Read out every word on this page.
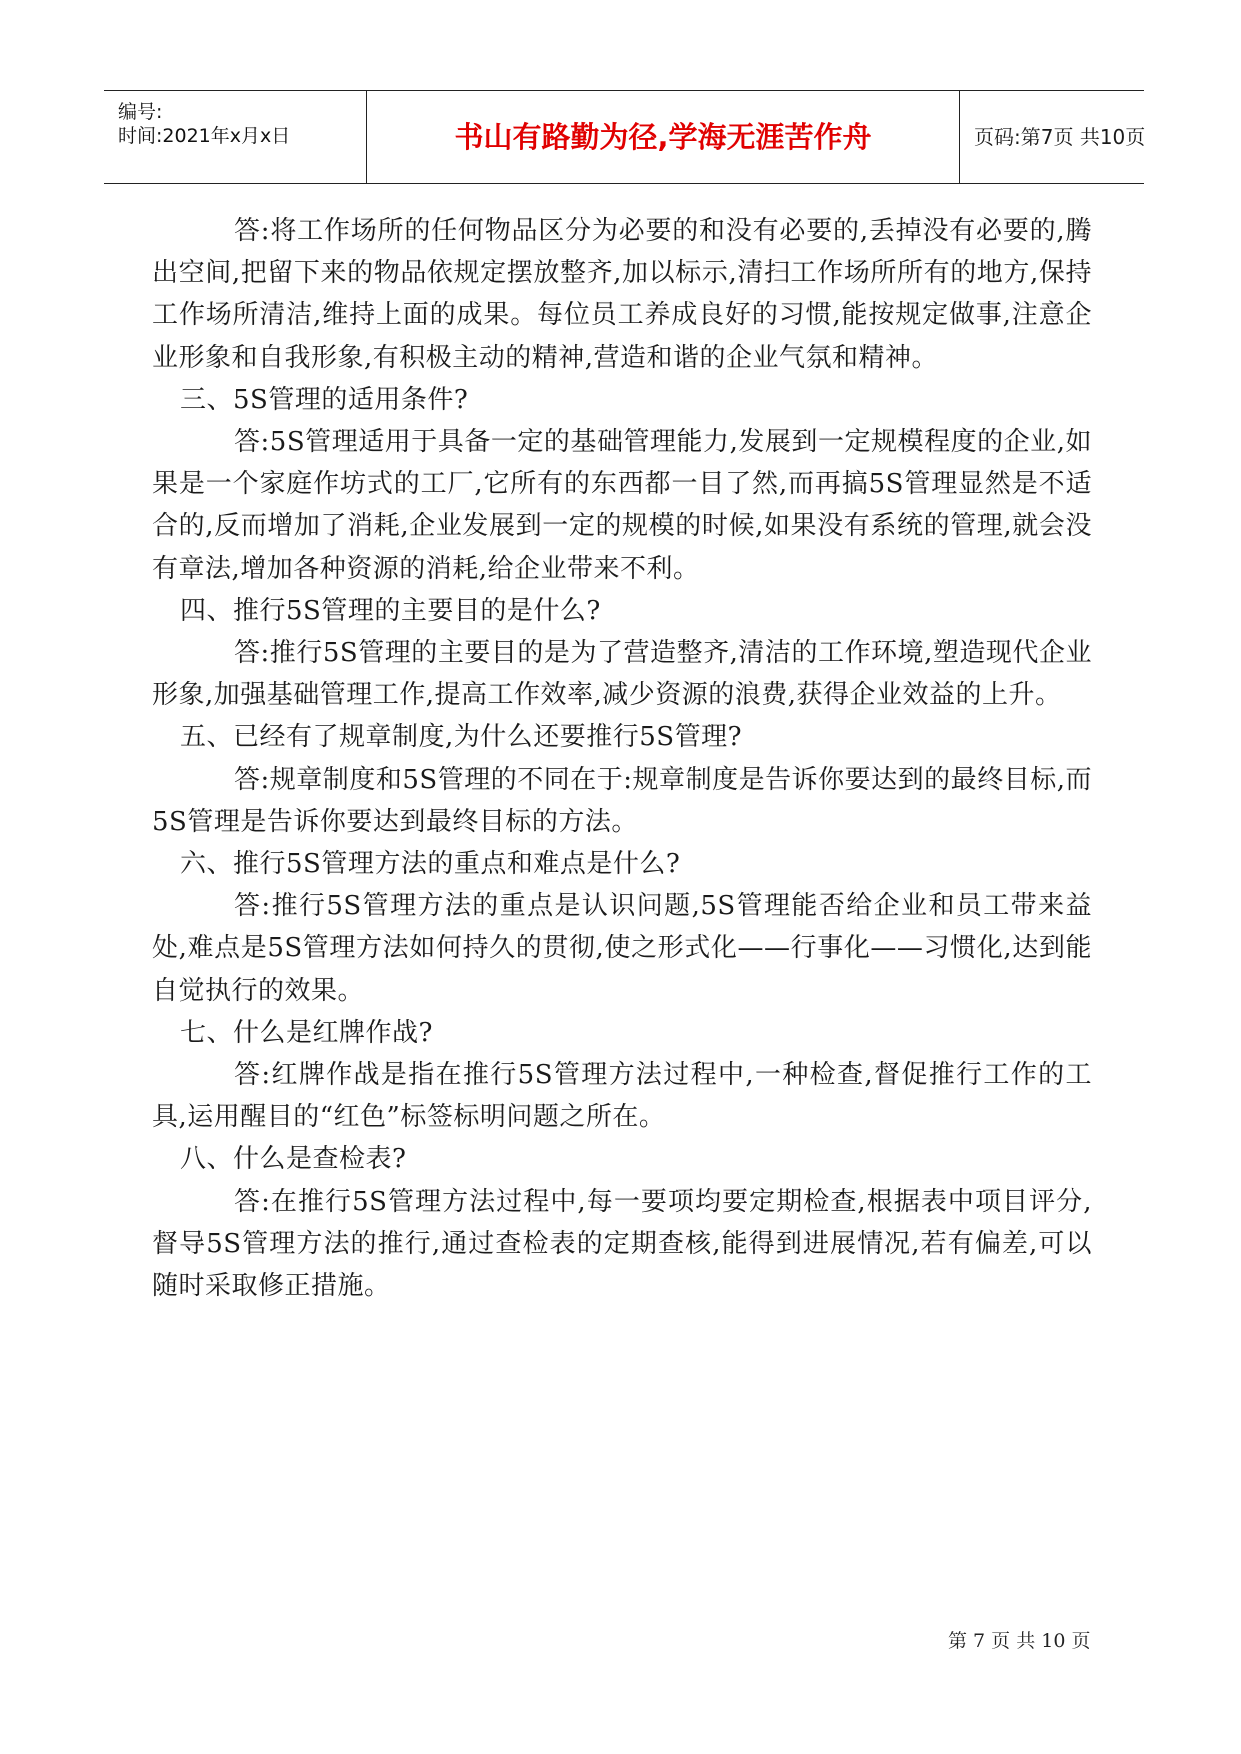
编号:
时间:2021年x月x日	书山有路勤为径,学海无涯苦作舟	页码:第7页 共10页

答:将工作场所的任何物品区分为必要的和没有必要的,丢掉没有必要的,腾出空间,把留下来的物品依规定摆放整齐,加以标示,清扫工作场所所有的地方,保持工作场所清洁,维持上面的成果。每位员工养成良好的习惯,能按规定做事,注意企业形象和自我形象,有积极主动的精神,营造和谐的企业气氛和精神。

三、5S管理的适用条件?

答:5S管理适用于具备一定的基础管理能力,发展到一定规模程度的企业,如果是一个家庭作坊式的工厂,它所有的东西都一目了然,而再搞5S管理显然是不适合的,反而增加了消耗,企业发展到一定的规模的时候,如果没有系统的管理,就会没有章法,增加各种资源的消耗,给企业带来不利。

四、推行5S管理的主要目的是什么?

答:推行5S管理的主要目的是为了营造整齐,清洁的工作环境,塑造现代企业形象,加强基础管理工作,提高工作效率,减少资源的浪费,获得企业效益的上升。

五、已经有了规章制度,为什么还要推行5S管理?

答:规章制度和5S管理的不同在于:规章制度是告诉你要达到的最终目标,而5S管理是告诉你要达到最终目标的方法。

六、推行5S管理方法的重点和难点是什么?

答:推行5S管理方法的重点是认识问题,5S管理能否给企业和员工带来益处,难点是5S管理方法如何持久的贯彻,使之形式化——行事化——习惯化,达到能自觉执行的效果。

七、什么是红牌作战?

答:红牌作战是指在推行5S管理方法过程中,一种检查,督促推行工作的工具,运用醒目的“红色”标签标明问题之所在。

八、什么是查检表?

答:在推行5S管理方法过程中,每一要项均要定期检查,根据表中项目评分,督导5S管理方法的推行,通过查检表的定期查核,能得到进展情况,若有偏差,可以随时采取修正措施。

第 7 页 共 10 页
